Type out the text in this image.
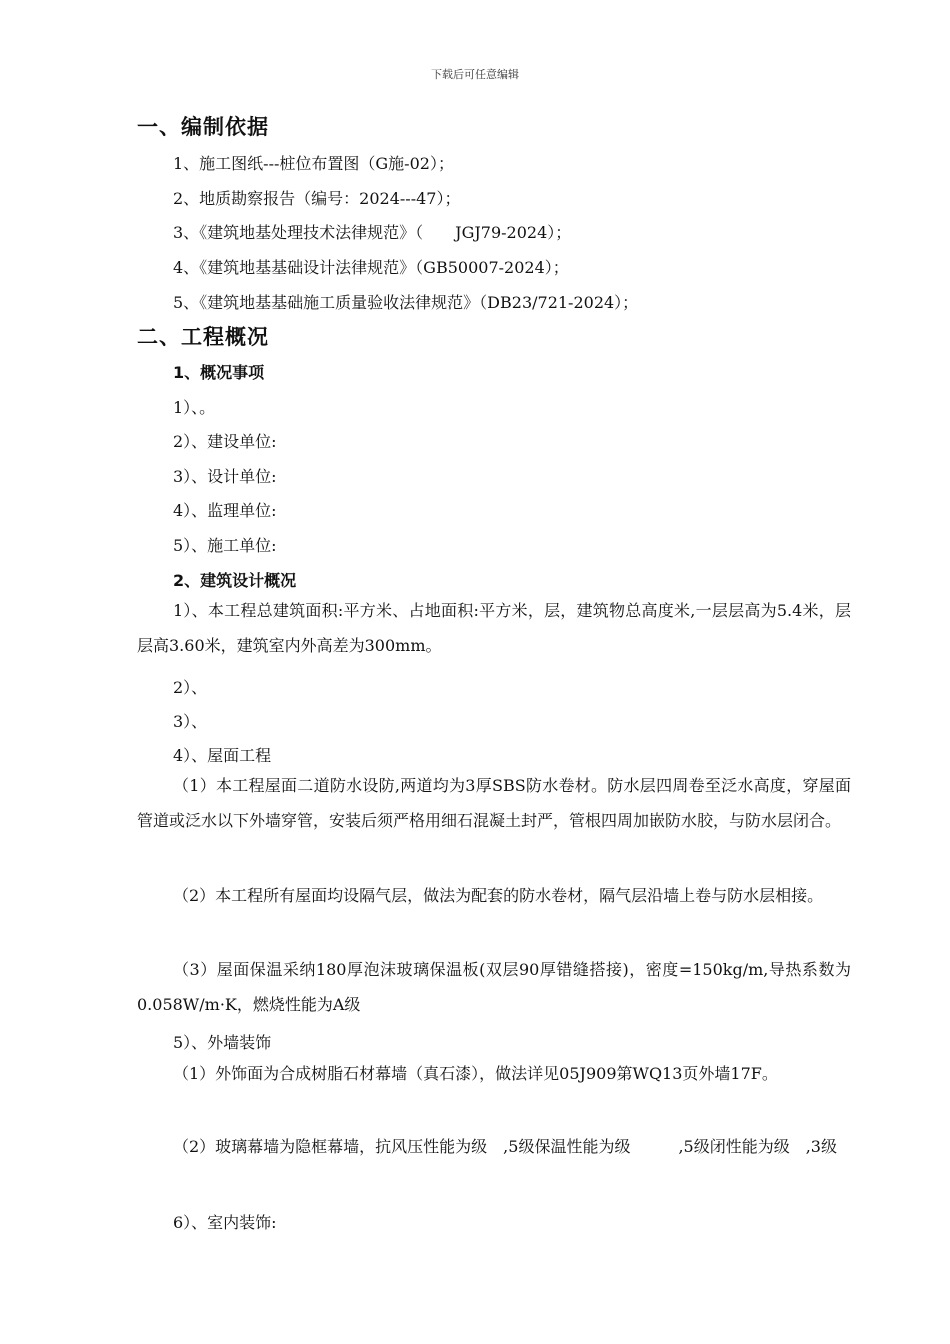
下载后可任意编辑
一、编制依据
1、施工图纸---桩位布置图（G施-02）；
2、地质勘察报告（编号：2024---47）；
3、《建筑地基处理技术法律规范》（　　JGJ79-2024）；
4、《建筑地基基础设计法律规范》（GB50007-2024）；
5、《建筑地基基础施工质量验收法律规范》（DB23/721-2024）；
二、工程概况
1、概况事项
1）、。
2）、建设单位:
3）、设计单位:
4）、监理单位:
5）、施工单位:
2、建筑设计概况
1）、本工程总建筑面积:平方米、占地面积:平方米，层，建筑物总高度米,一层层高为5.4米，层层高3.60米，建筑室内外高差为300mm。
2）、
3）、
4）、屋面工程
（1）本工程屋面二道防水设防,两道均为3厚SBS防水卷材。防水层四周卷至泛水高度，穿屋面管道或泛水以下外墙穿管，安装后须严格用细石混凝土封严，管根四周加嵌防水胶，与防水层闭合。
（2）本工程所有屋面均设隔气层，做法为配套的防水卷材，隔气层沿墙上卷与防水层相接。
（3）屋面保温采纳180厚泡沫玻璃保温板(双层90厚错缝搭接)，密度=150kg/m,导热系数为0.058W/m·K，燃烧性能为A级
5）、外墙装饰
（1）外饰面为合成树脂石材幕墙（真石漆），做法详见05J909第WQ13页外墙17F。
（2）玻璃幕墙为隐框幕墙，抗风压性能为级　,5级保温性能为级　　　,5级闭性能为级　,3级
6）、室内装饰:
